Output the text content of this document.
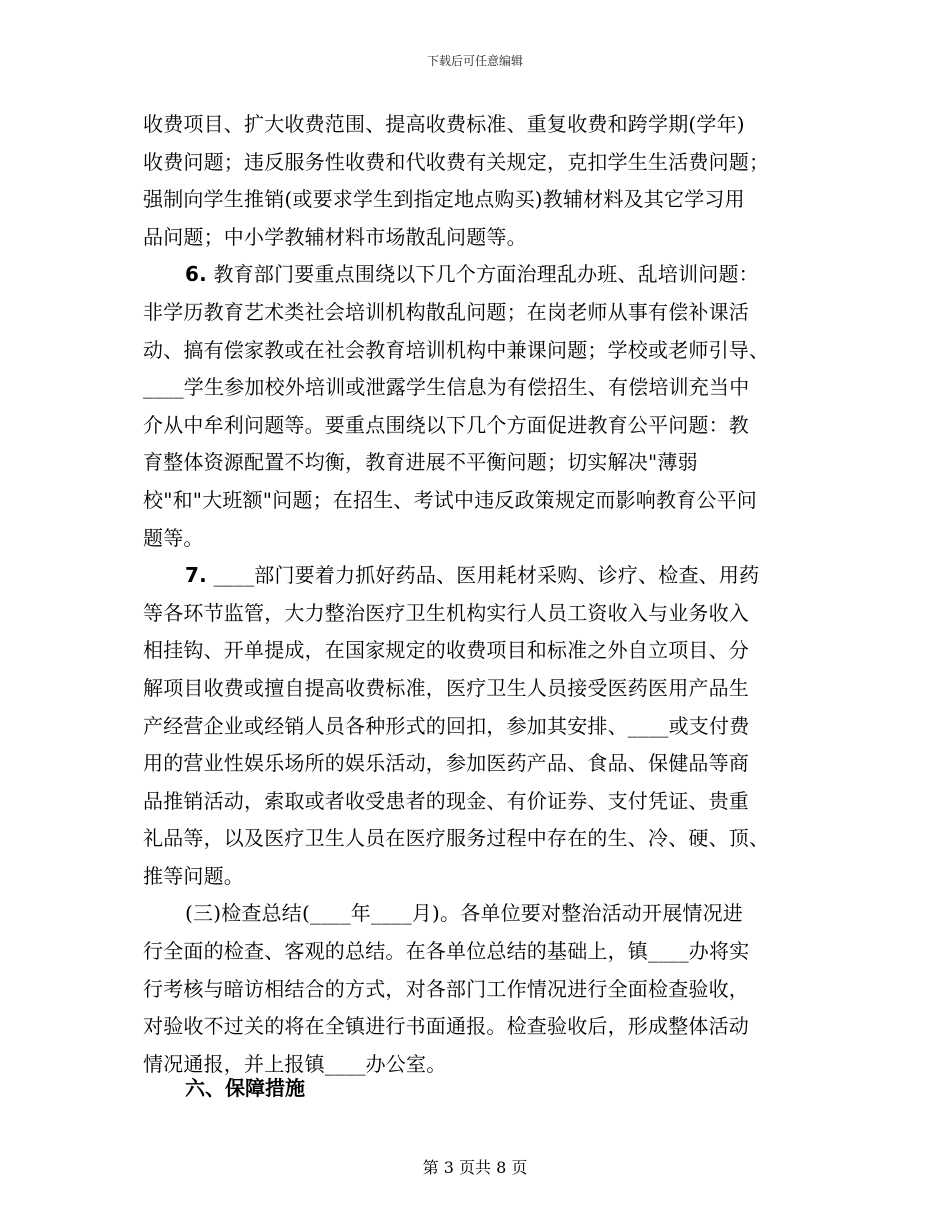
下载后可任意编辑
收费项目、扩大收费范围、提高收费标准、重复收费和跨学期(学年)
收费问题；违反服务性收费和代收费有关规定，克扣学生生活费问题；
强制向学生推销(或要求学生到指定地点购买)教辅材料及其它学习用
品问题；中小学教辅材料市场散乱问题等。
6. 教育部门要重点围绕以下几个方面治理乱办班、乱培训问题：
非学历教育艺术类社会培训机构散乱问题；在岗老师从事有偿补课活
动、搞有偿家教或在社会教育培训机构中兼课问题；学校或老师引导、
____学生参加校外培训或泄露学生信息为有偿招生、有偿培训充当中
介从中牟利问题等。要重点围绕以下几个方面促进教育公平问题：教
育整体资源配置不均衡，教育进展不平衡问题；切实解决"薄弱
校"和"大班额"问题；在招生、考试中违反政策规定而影响教育公平问
题等。
7. ____部门要着力抓好药品、医用耗材采购、诊疗、检查、用药
等各环节监管，大力整治医疗卫生机构实行人员工资收入与业务收入
相挂钩、开单提成，在国家规定的收费项目和标准之外自立项目、分
解项目收费或擅自提高收费标准，医疗卫生人员接受医药医用产品生
产经营企业或经销人员各种形式的回扣，参加其安排、____或支付费
用的营业性娱乐场所的娱乐活动，参加医药产品、食品、保健品等商
品推销活动，索取或者收受患者的现金、有价证券、支付凭证、贵重
礼品等，以及医疗卫生人员在医疗服务过程中存在的生、冷、硬、顶、
推等问题。
(三)检查总结(____年____月)。各单位要对整治活动开展情况进
行全面的检查、客观的总结。在各单位总结的基础上，镇____办将实
行考核与暗访相结合的方式，对各部门工作情况进行全面检查验收，
对验收不过关的将在全镇进行书面通报。检查验收后，形成整体活动
情况通报，并上报镇____办公室。
六、保障措施
第 3 页共 8 页
